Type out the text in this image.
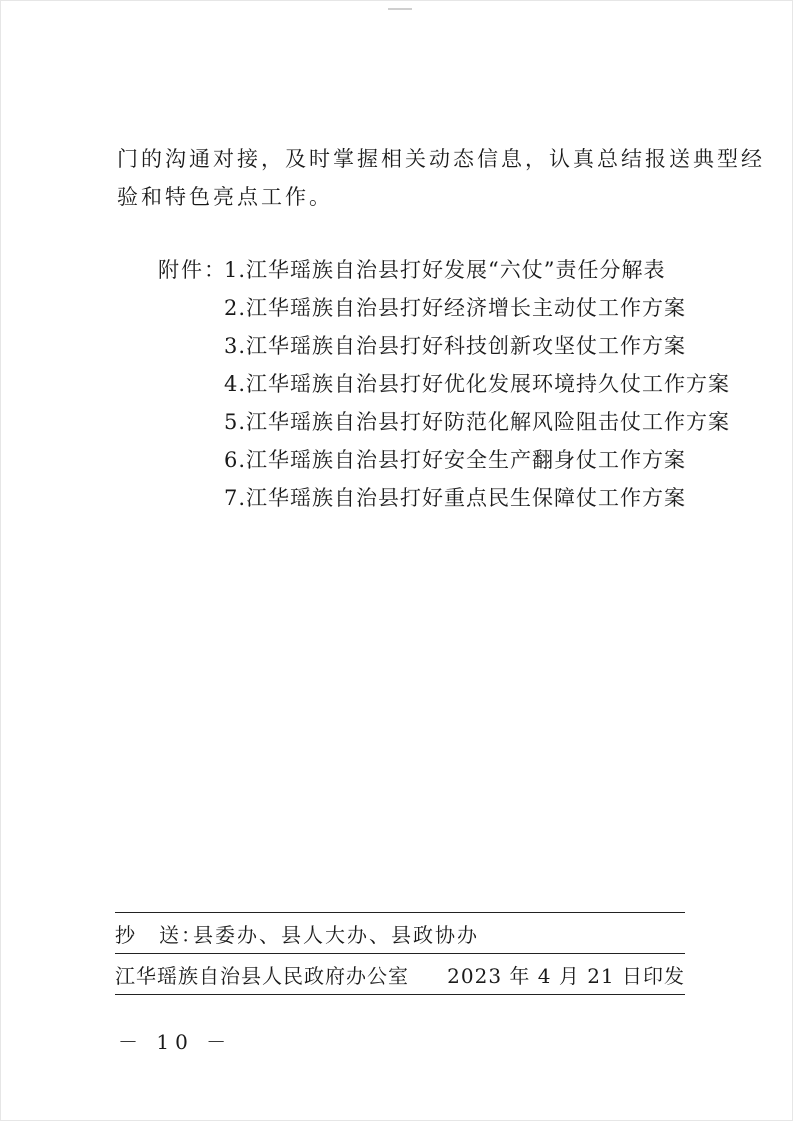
门的沟通对接，及时掌握相关动态信息，认真总结报送典型经
验和特色亮点工作。
附件：1.江华瑶族自治县打好发展“六仗”责任分解表
2.江华瑶族自治县打好经济增长主动仗工作方案
3.江华瑶族自治县打好科技创新攻坚仗工作方案
4.江华瑶族自治县打好优化发展环境持久仗工作方案
5.江华瑶族自治县打好防范化解风险阻击仗工作方案
6.江华瑶族自治县打好安全生产翻身仗工作方案
7.江华瑶族自治县打好重点民生保障仗工作方案
抄　送：县委办、县人大办、县政协办
江华瑶族自治县人民政府办公室 2023 年 4 月 21 日印发
－ 10 －
